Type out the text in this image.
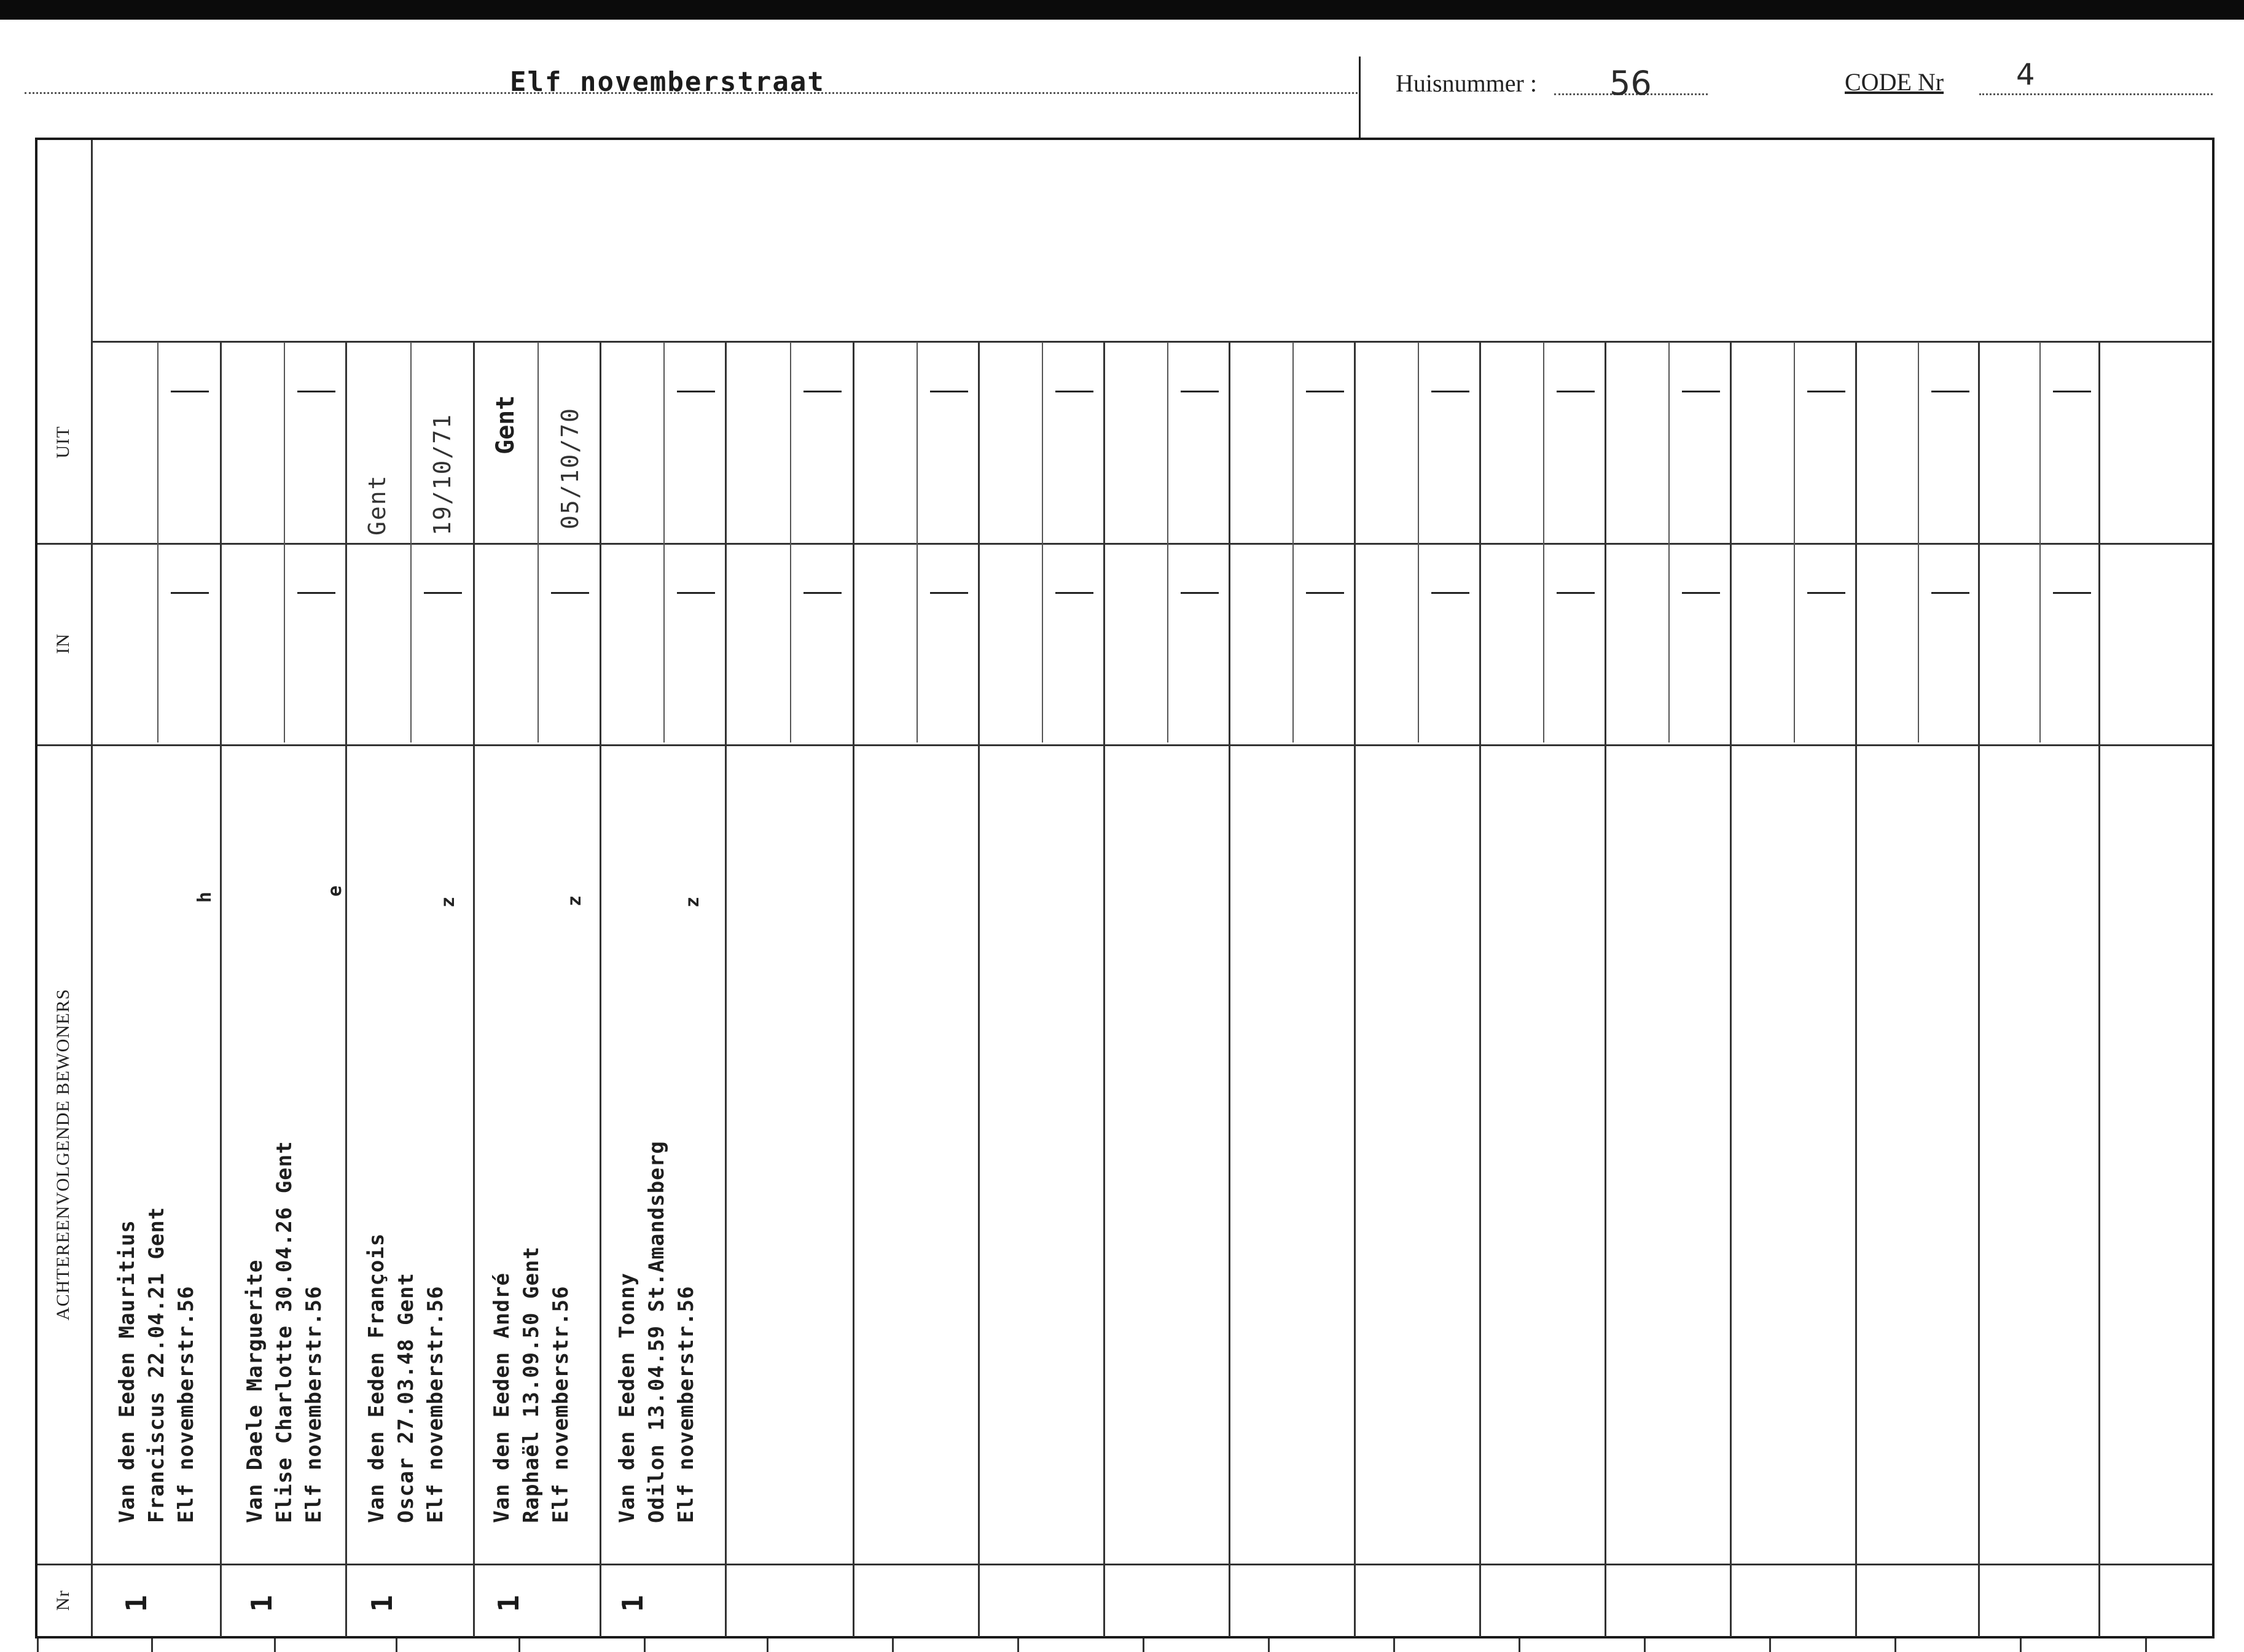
Elf novemberstraat	Huisnummer : 56	CODE Nr 4
UIT
IN
ACHTEREENVOLGENDE BEWONERS
Nr
Van den Eeden Mauritius Franciscus 22.04.21 Gent Elf novemberstr.56
h
1
Van Daele Marguerite Elise Charlotte 30.04.26 Gent Elf novemberstr.56
e
1
Van den Eeden François Oscar 27.03.48 Gent Elf novemberstr.56
z
Gent 19/10/71
1
Van den Eeden André Raphaël 13.09.50 Gent Elf novemberstr.56
z
Gent 05/10/70
1
Van den Eeden Tonny Odilon 13.04.59 St.Amandsberg Elf novemberstr.56
z
1
